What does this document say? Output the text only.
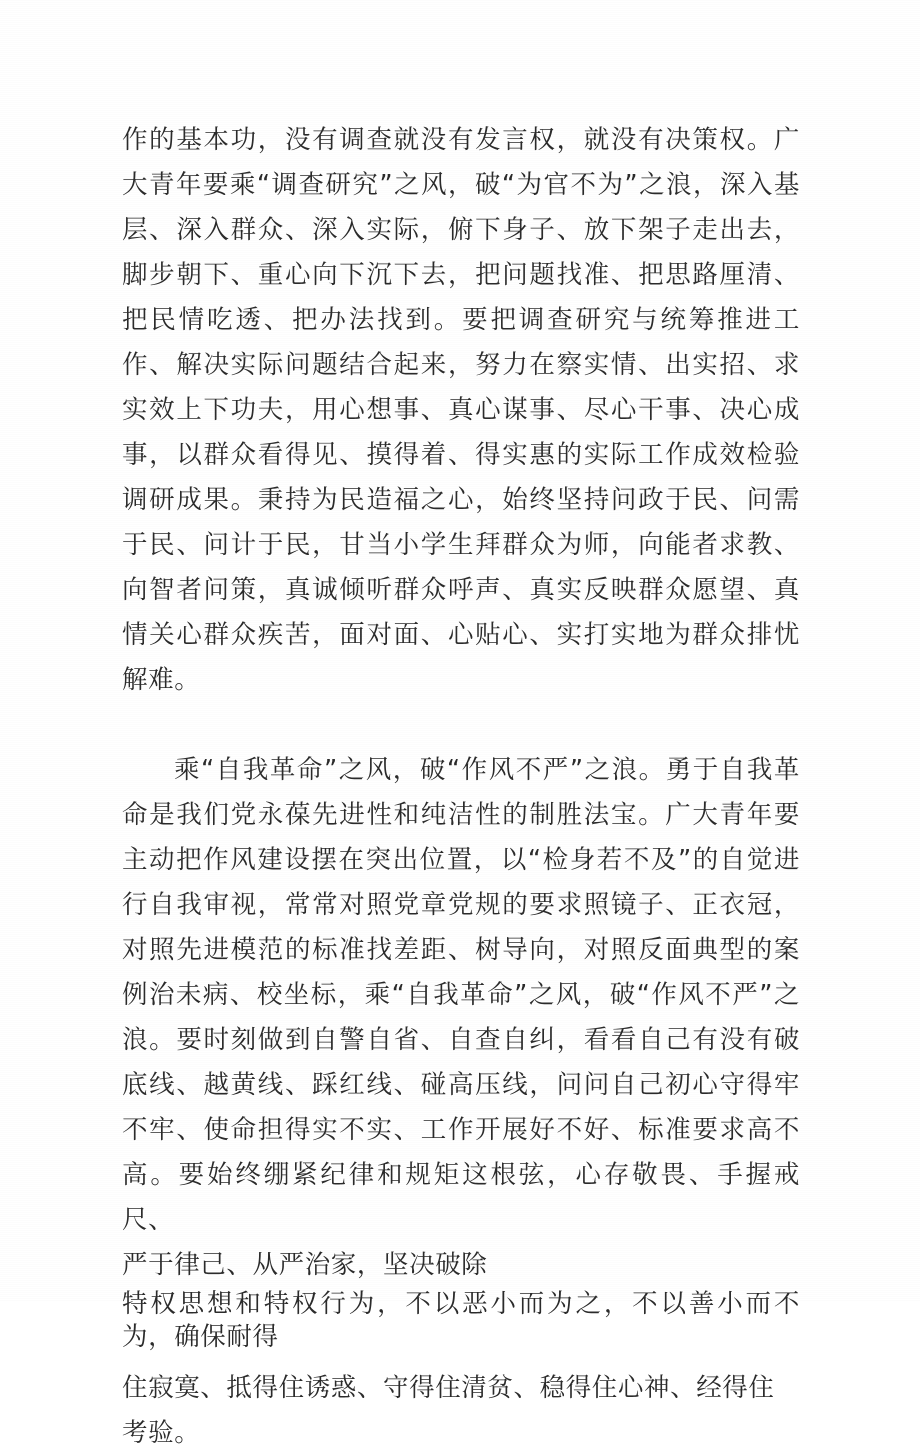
作的基本功，没有调查就没有发言权，就没有决策权。广大青年要乘“调查研究”之风，破“为官不为”之浪，深入基层、深入群众、深入实际，俯下身子、放下架子走出去，脚步朝下、重心向下沉下去，把问题找准、把思路厘清、把民情吃透、把办法找到。要把调查研究与统筹推进工作、解决实际问题结合起来，努力在察实情、出实招、求实效上下功夫，用心想事、真心谋事、尽心干事、决心成事，以群众看得见、摸得着、得实惠的实际工作成效检验调研成果。秉持为民造福之心，始终坚持问政于民、问需于民、问计于民，甘当小学生拜群众为师，向能者求教、向智者问策，真诚倾听群众呼声、真实反映群众愿望、真情关心群众疾苦，面对面、心贴心、实打实地为群众排忧解难。

乘“自我革命”之风，破“作风不严”之浪。勇于自我革命是我们党永葆先进性和纯洁性的制胜法宝。广大青年要主动把作风建设摆在突出位置，以“检身若不及”的自觉进行自我审视，常常对照党章党规的要求照镜子、正衣冠，对照先进模范的标准找差距、树导向，对照反面典型的案例治未病、校坐标，乘“自我革命”之风，破“作风不严”之浪。要时刻做到自警自省、自查自纠，看看自己有没有破底线、越黄线、踩红线、碰高压线，问问自己初心守得牢不牢、使命担得实不实、工作开展好不好、标准要求高不高。要始终绷紧纪律和规矩这根弦，心存敬畏、手握戒尺、

严于律己、从严治家，坚决破除
特权思想和特权行为，不以恶小而为之，不以善小而不为，确保耐得
住寂寞、抵得住诱惑、守得住清贫、稳得住心神、经得住考验。
